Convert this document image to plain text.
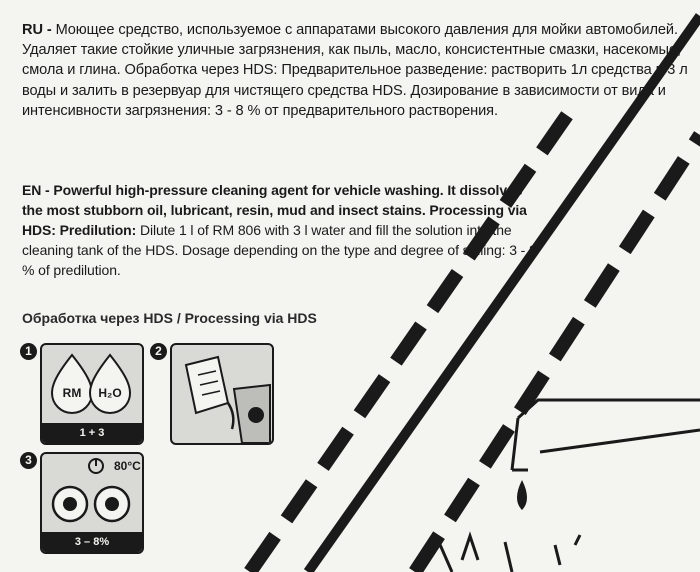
RU - Моющее средство, используемое с аппаратами высокого давления для мойки автомобилей. Удаляет такие стойкие уличные загрязнения, как пыль, масло, консистентные смазки, насекомые, смола и глина. Обработка через HDS: Предварительное разведение: растворить 1л средства в 3 л воды и залить в резервуар для чистящего средства HDS. Дозирование в зависимости от вида и интенсивности загрязнения: 3 - 8 % от предварительного растворения.

EN - Powerful high-pressure cleaning agent for vehicle washing. It dissolves the most stubborn oil, lubricant, resin, mud and insect stains. Processing via HDS: Predilution: Dilute 1 l of RM 806 with 3 l water and fill the solution into the cleaning tank of the HDS. Dosage depending on the type and degree of soiling: 3 - 8 % of predilution.

Обработка через HDS / Processing via HDS
1
RM H₂O
1 + 3
2
3	80°C
3 – 8%
